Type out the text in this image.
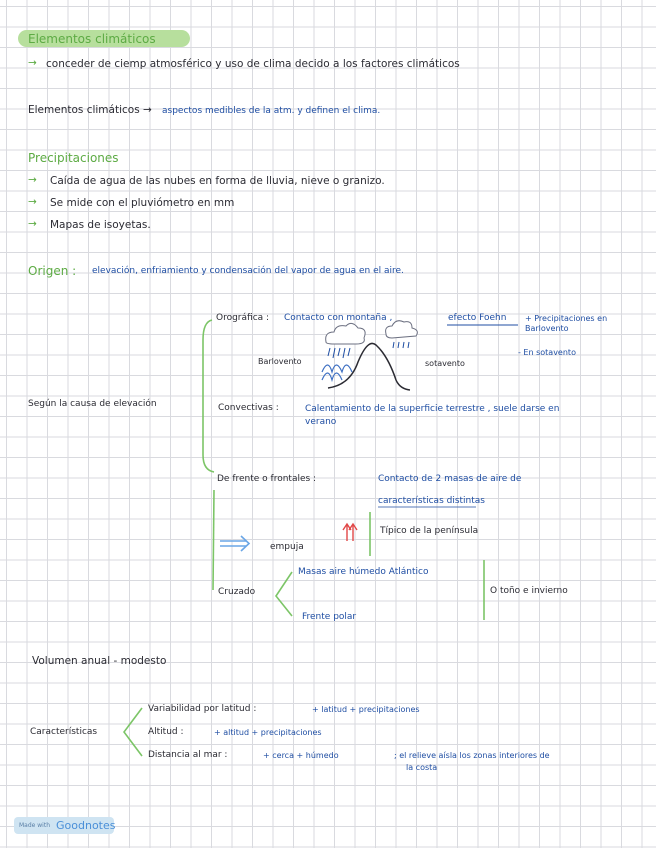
Elementos climáticos
→ conceder de ciemp atmosférico y uso de clima decido a los factores climáticos
Elementos climáticos → aspectos medibles de la atm. y definen el clima.
Precipitaciones
→ Caída de agua de las nubes en forma de lluvia, nieve o granizo.
→ Se mide con el pluviómetro en mm
→ Mapas de isoyetas.
Origen : elevación, enfriamiento y condensación del vapor de agua en el aire.
Según la causa de elevación
Orográfica : Contacto con montaña ,	efecto Foehn + Precipitaciones en Barlovento
- En sotavento
Barlovento	sotavento
Convectivas :	Calentamiento de la superficie terrestre , suele darse en
verano
De frente o frontales :	Contacto de 2 masas de aire de
características distintas
Típico de la península
empuja
Cruzado
Masas aire húmedo Atlántico
Frente polar
O toño e invierno
Volumen anual - modesto
Características
Variabilidad por latitud :	+ latitud + precipitaciones
Altitud :	+ altitud + precipitaciones
Distancia al mar :	+ cerca + húmedo	; el relieve aísla los zonas interiores de
la costa
Made with Goodnotes
